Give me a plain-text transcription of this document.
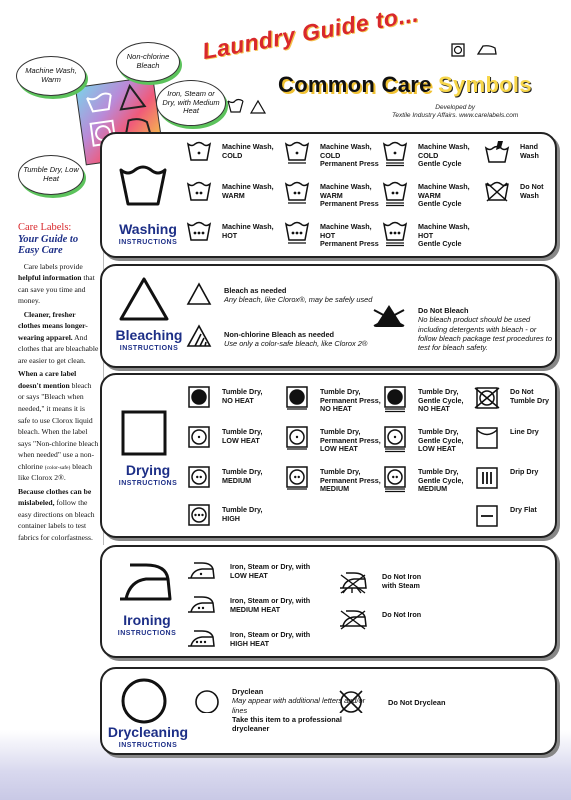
Machine Wash, Warm
Non-chlorine Bleach
Iron, Steam or Dry, with Medium Heat
Tumble Dry, Low Heat
Laundry Guide to...
Common Care Symbols
Developed by
Textile Industry Affairs. www.carelabels.com
Care Labels:
Your Guide to Easy Care

Care labels provide helpful information that can save you time and money.

Cleaner, fresher clothes means longer-wearing apparel. And clothes that are bleachable are easier to get clean.

When a care label doesn't mention bleach or says "Bleach when needed," it means it is safe to use Clorox liquid bleach. When the label says "Non-chlorine bleach when needed" use a non-chlorine (color-safe) bleach like Clorox 2®.

Because clothes can be mislabeled, follow the easy directions on bleach container labels to test fabrics for colorfastness.

Washing
INSTRUCTIONS
Machine Wash,
COLD
Machine Wash,
COLD
Permanent Press
Machine Wash,
COLD
Gentle Cycle
Hand
Wash
Machine Wash,
WARM
Machine Wash,
WARM
Permanent Press
Machine Wash,
WARM
Gentle Cycle
Do Not
Wash
Machine Wash,
HOT
Machine Wash,
HOT
Permanent Press
Machine Wash,
HOT
Gentle Cycle
Bleaching
INSTRUCTIONS
Bleach as needed
Any bleach, like Clorox®, may be safely used
Non-chlorine Bleach as needed
Use only a color-safe bleach, like Clorox 2®
Do Not Bleach
No bleach product should be used including detergents with bleach - or follow bleach package test procedures to test for bleach safety.
Drying
INSTRUCTIONS
Tumble Dry,
NO HEAT
Tumble Dry,
Permanent Press,
NO HEAT
Tumble Dry,
Gentle Cycle,
NO HEAT
Do Not
Tumble Dry
Tumble Dry,
LOW HEAT
Tumble Dry,
Permanent Press,
LOW HEAT
Tumble Dry,
Gentle Cycle,
LOW HEAT
Line Dry
Tumble Dry,
MEDIUM
Tumble Dry,
Permanent Press,
MEDIUM
Tumble Dry,
Gentle Cycle,
MEDIUM
Drip Dry
Tumble Dry,
HIGH
Dry Flat
Ironing
INSTRUCTIONS
Iron, Steam or Dry, with
LOW HEAT
Iron, Steam or Dry, with
MEDIUM HEAT
Iron, Steam or Dry, with
HIGH HEAT
Do Not Iron
with Steam
Do Not Iron
Drycleaning
INSTRUCTIONS
Dryclean
May appear with additional letters and/or lines
Take this item to a professional drycleaner
Do Not Dryclean
